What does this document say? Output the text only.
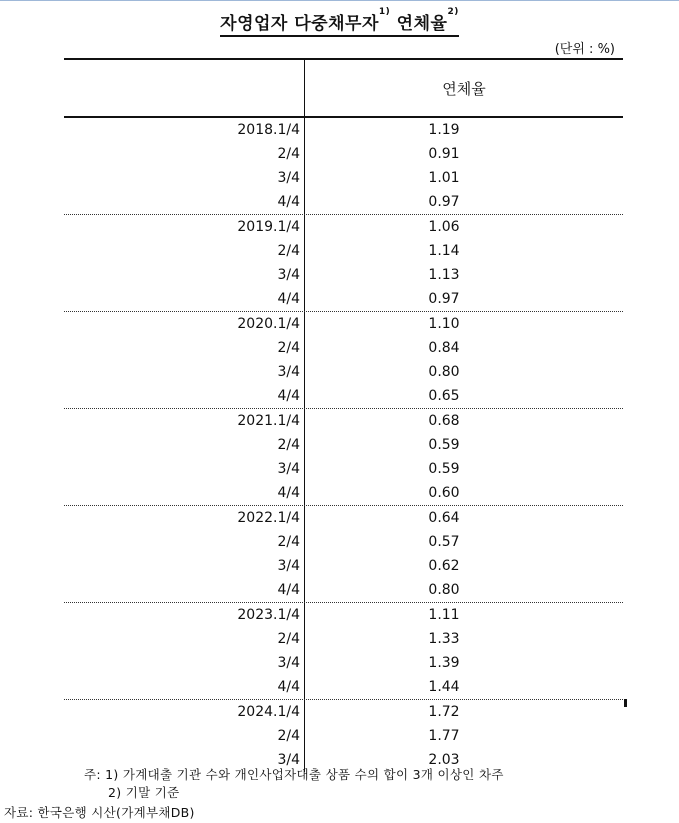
자영업자 다중채무자$^{1)}$ 연체율$^{2)}$
(단위 : %)
연체율
2018.1/4	1.19
2/4	0.91
3/4	1.01
4/4	0.97
2019.1/4	1.06
2/4	1.14
3/4	1.13
4/4	0.97
2020.1/4	1.10
2/4	0.84
3/4	0.80
4/4	0.65
2021.1/4	0.68
2/4	0.59
3/4	0.59
4/4	0.60
2022.1/4	0.64
2/4	0.57
3/4	0.62
4/4	0.80
2023.1/4	1.11
2/4	1.33
3/4	1.39
4/4	1.44
2024.1/4	1.72
2/4	1.77
3/4	2.03
주: 1) 가계대출 기관 수와 개인사업자대출 상품 수의 합이 3개 이상인 차주
2) 기말 기준
자료: 한국은행 시산(가계부채DB)
